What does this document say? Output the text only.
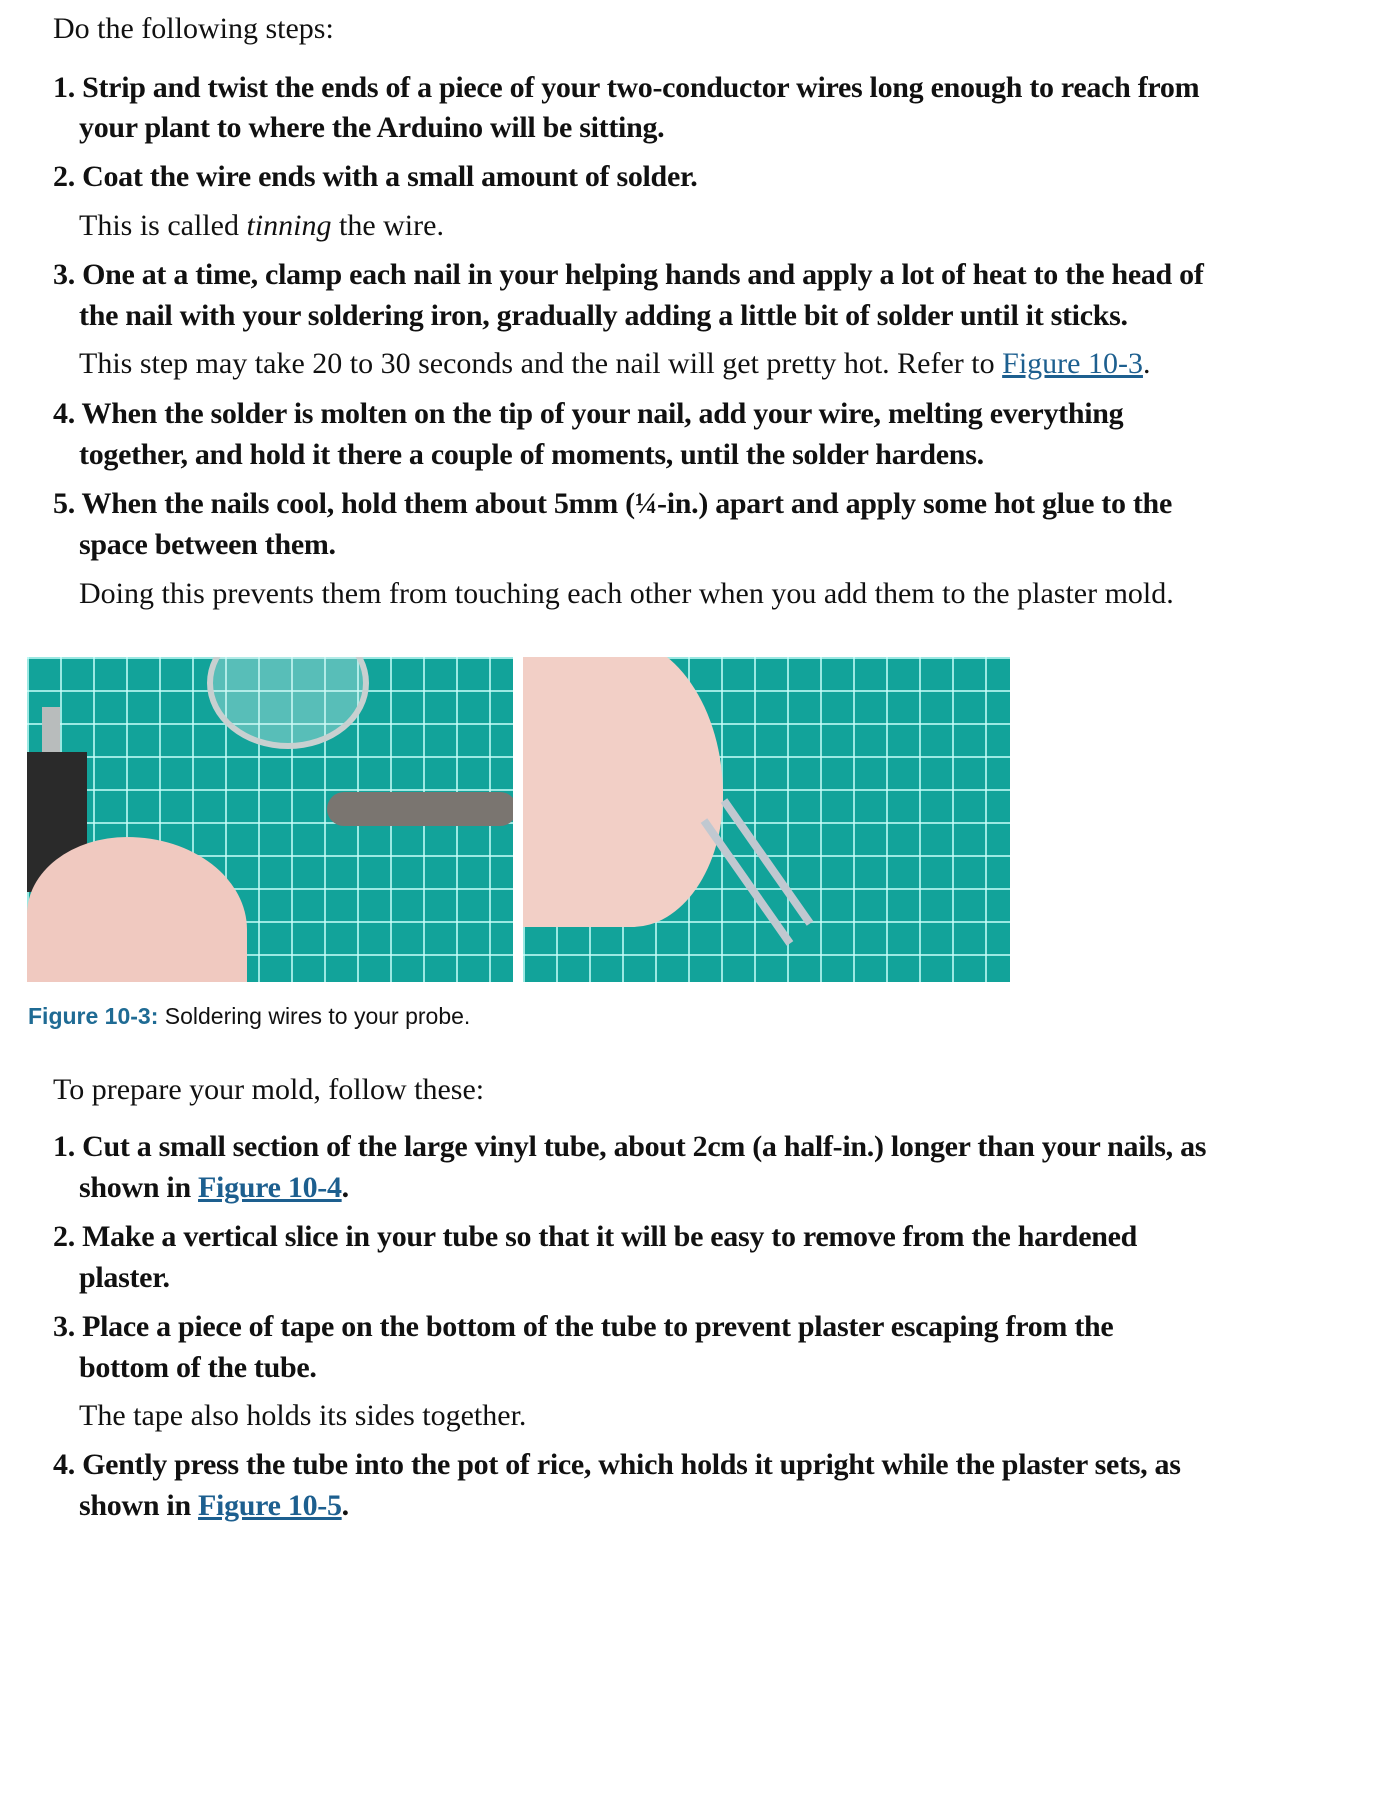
Do the following steps:
1. Strip and twist the ends of a piece of your two-conductor wires long enough to reach from
your plant to where the Arduino will be sitting.
2. Coat the wire ends with a small amount of solder.
This is called tinning the wire.
3. One at a time, clamp each nail in your helping hands and apply a lot of heat to the head of
the nail with your soldering iron, gradually adding a little bit of solder until it sticks.
This step may take 20 to 30 seconds and the nail will get pretty hot. Refer to Figure 10-3.
4. When the solder is molten on the tip of your nail, add your wire, melting everything
together, and hold it there a couple of moments, until the solder hardens.
5. When the nails cool, hold them about 5mm (¼-in.) apart and apply some hot glue to the
space between them.
Doing this prevents them from touching each other when you add them to the plaster mold.
Figure 10-3: Soldering wires to your probe.
To prepare your mold, follow these:
1. Cut a small section of the large vinyl tube, about 2cm (a half-in.) longer than your nails, as
shown in Figure 10-4.
2. Make a vertical slice in your tube so that it will be easy to remove from the hardened
plaster.
3. Place a piece of tape on the bottom of the tube to prevent plaster escaping from the
bottom of the tube.
The tape also holds its sides together.
4. Gently press the tube into the pot of rice, which holds it upright while the plaster sets, as
shown in Figure 10-5.
